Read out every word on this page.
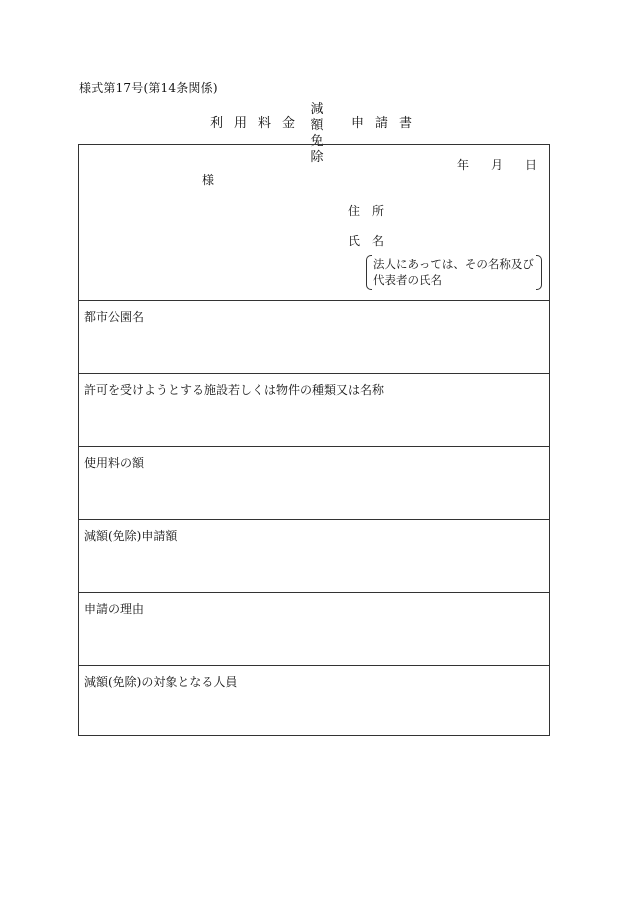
様式第17号(第14条関係)
利 用 料 金
減　額
免　除
申 請 書
年 月 日
様
住　所
氏　名
法人にあっては、その名称及び代表者の氏名
都市公園名
許可を受けようとする施設若しくは物件の種類又は名称
使用料の額
減額(免除)申請額
申請の理由
減額(免除)の対象となる人員
